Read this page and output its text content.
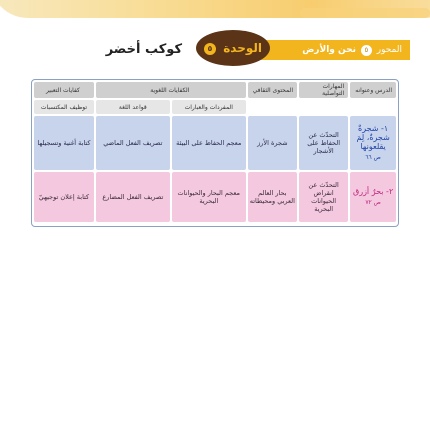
المحور ٥ نحن والأرض
الوحدة ٥
كوكب أخضر
الدرس وعنوانه	المهارات التواصلية	المحتوى الثقافي	الكفايات اللغوية		كفايات التعبير
			المفردات والعبارات	قواعد اللغة	توظيف المكتسبات
١- شجرةٌ شجرةٌ، لِمَ يقلعونها
ص ٦٦	التحدّث عن الحفاظ على الأشجار	شجرة الأرز	معجم الحفاظ على البيئة	تصريف الفعل الماضي	كتابة أغنية وتسجيلها
٢- بحرٌ أزرق
ص ٧٢	التحدّث عن انقراض الحيوانات البحرية	بحار العالم العربي ومحيطاته	معجم البحار والحيوانات البحرية	تصريف الفعل المضارع	كتابة إعلان توجيهيّ
